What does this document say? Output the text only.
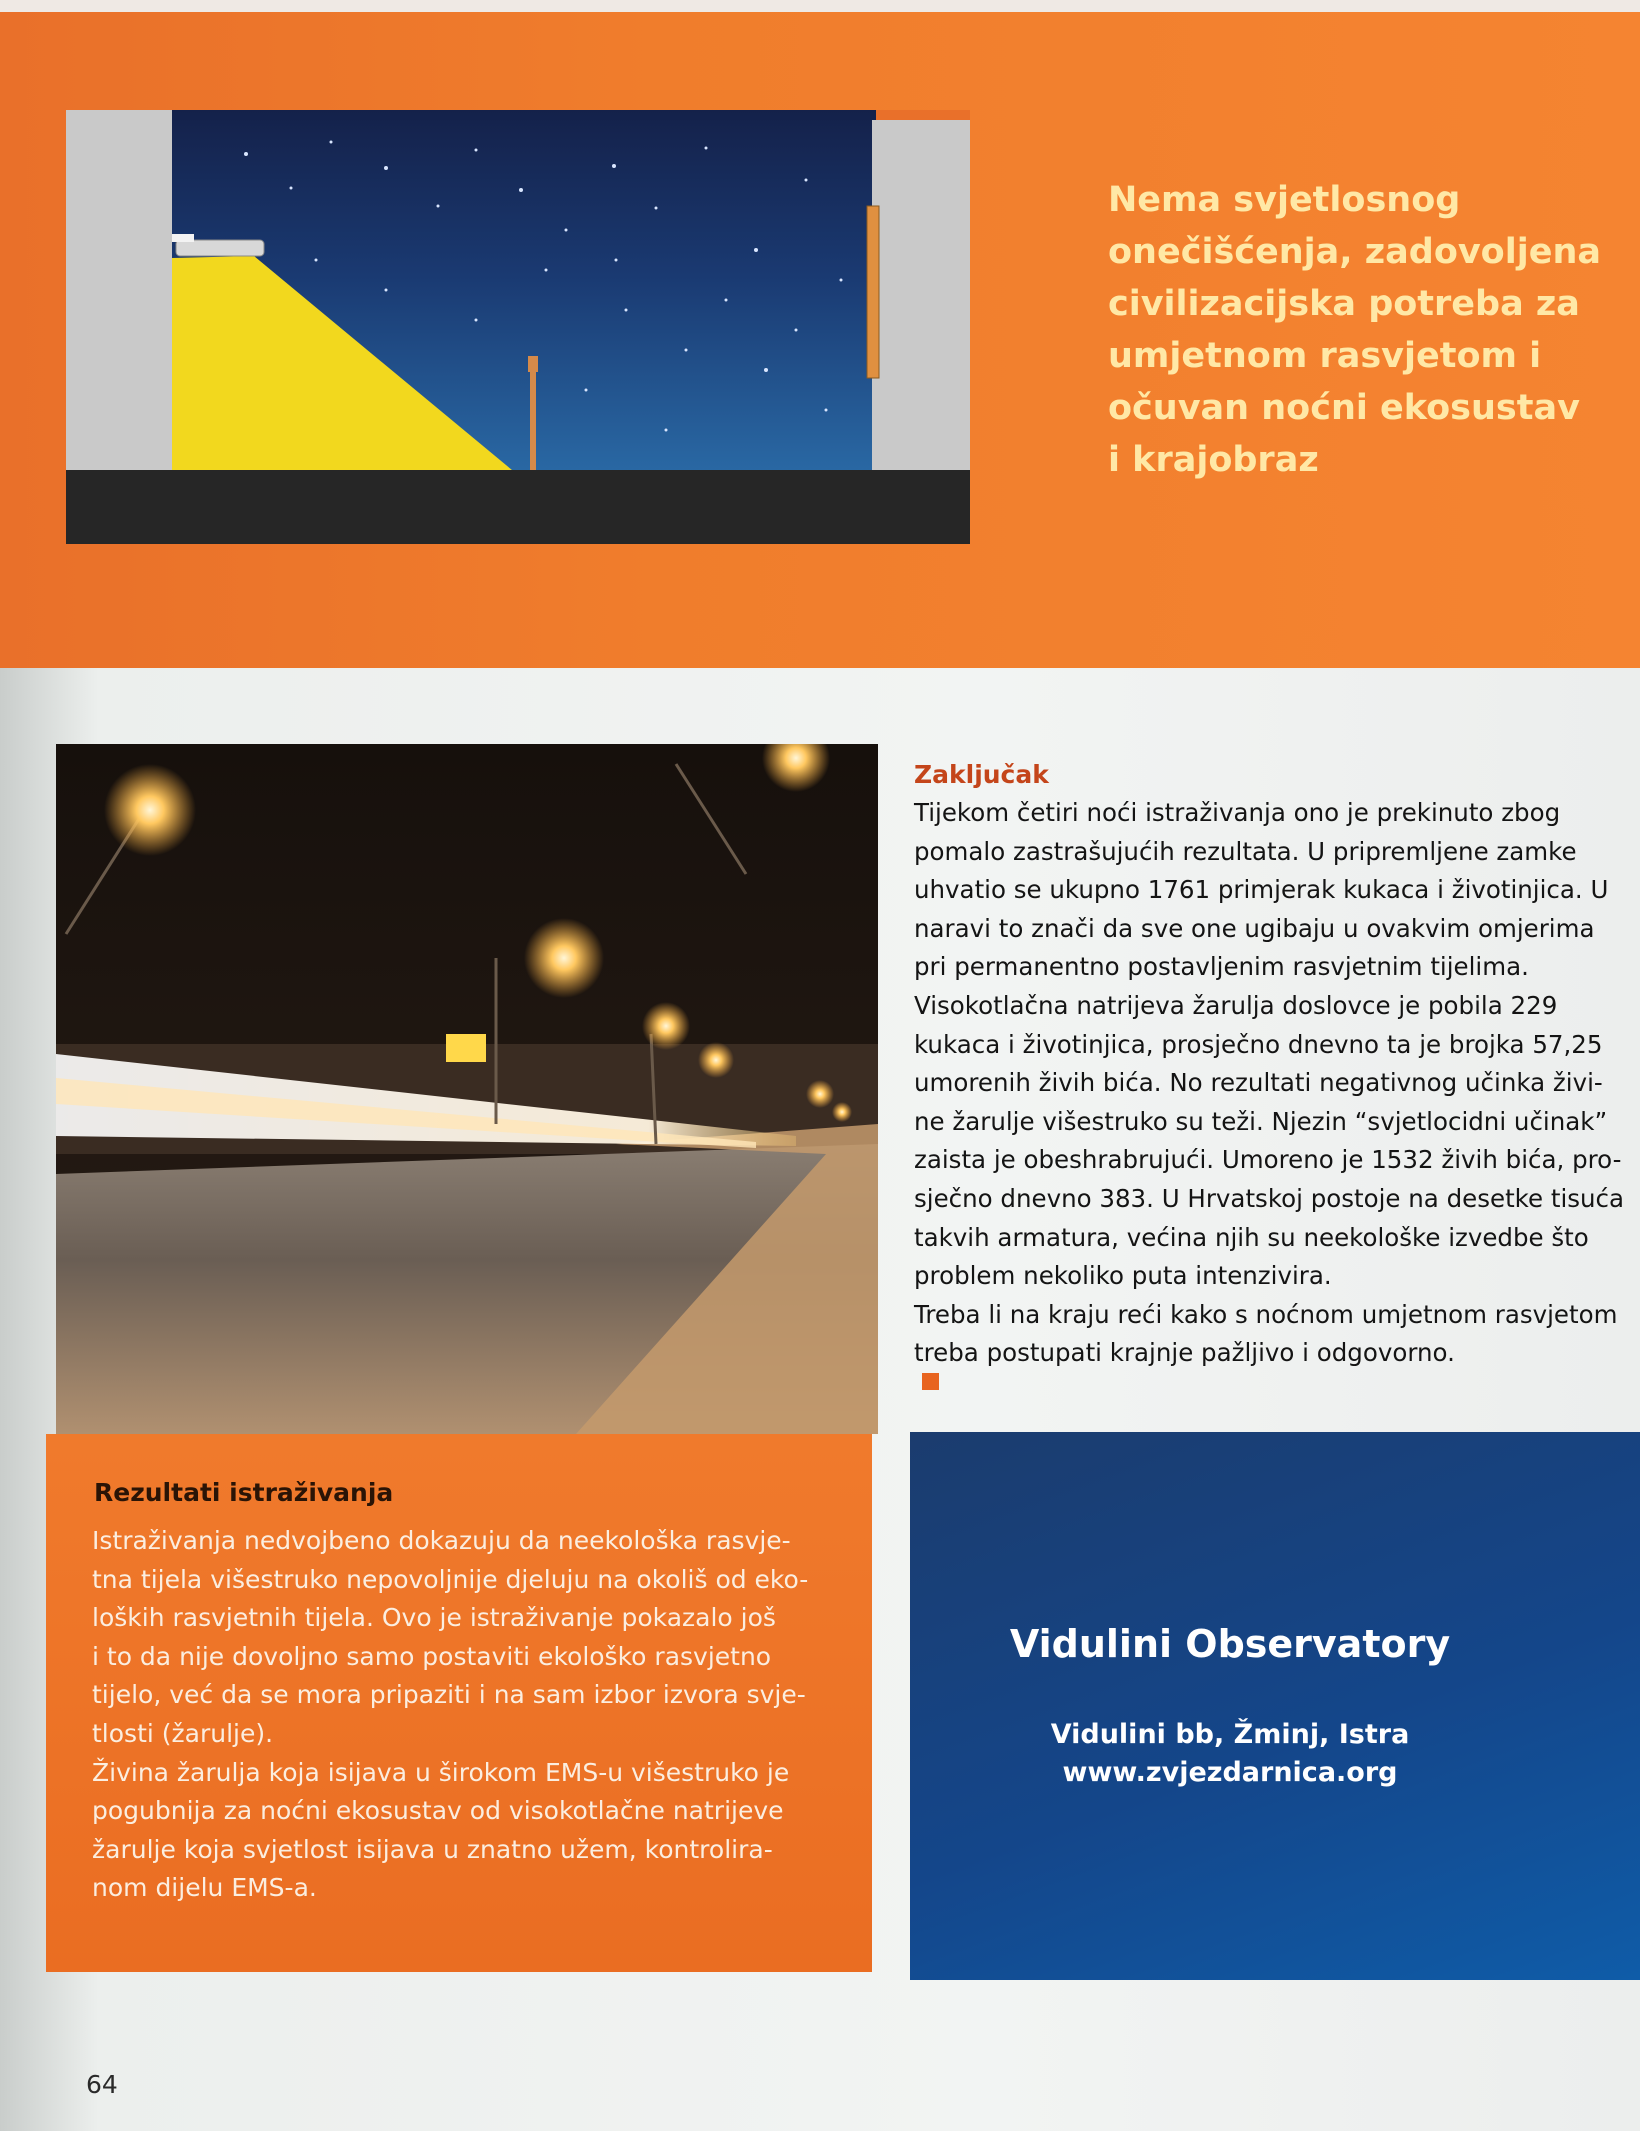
Nema svjetlosnog
onečišćenja, zadovoljena
civilizacijska potreba za
umjetnom rasvjetom i
očuvan noćni ekosustav
i krajobraz

Rezultati istraživanja
Istraživanja nedvojbeno dokazuju da neekološka rasvje-
tna tijela višestruko nepovoljnije djeluju na okoliš od eko-
loških rasvjetnih tijela. Ovo je istraživanje pokazalo još
i to da nije dovoljno samo postaviti ekološko rasvjetno
tijelo, već da se mora pripaziti i na sam izbor izvora svje-
tlosti (žarulje).
Živina žarulja koja isijava u širokom EMS-u višestruko je
pogubnija za noćni ekosustav od visokotlačne natrijeve
žarulje koja svjetlost isijava u znatno užem, kontrolira-
nom dijelu EMS-a.
Zaključak
Tijekom četiri noći istraživanja ono je prekinuto zbog
pomalo zastrašujućih rezultata. U pripremljene zamke
uhvatio se ukupno 1761 primjerak kukaca i životinjica. U
naravi to znači da sve one ugibaju u ovakvim omjerima
pri permanentno postavljenim rasvjetnim tijelima.
Visokotlačna natrijeva žarulja doslovce je pobila 229
kukaca i životinjica, prosječno dnevno ta je brojka 57,25
umorenih živih bića. No rezultati negativnog učinka živi-
ne žarulje višestruko su teži. Njezin “svjetlocidni učinak”
zaista je obeshrabrujući. Umoreno je 1532 živih bića, pro-
sječno dnevno 383. U Hrvatskoj postoje na desetke tisuća
takvih armatura, većina njih su neekološke izvedbe što
problem nekoliko puta intenzivira.
Treba li na kraju reći kako s noćnom umjetnom rasvjetom
treba postupati krajnje pažljivo i odgovorno.
Vidulini Observatory
Vidulini bb, Žminj, Istra
www.zvjezdarnica.org
64
